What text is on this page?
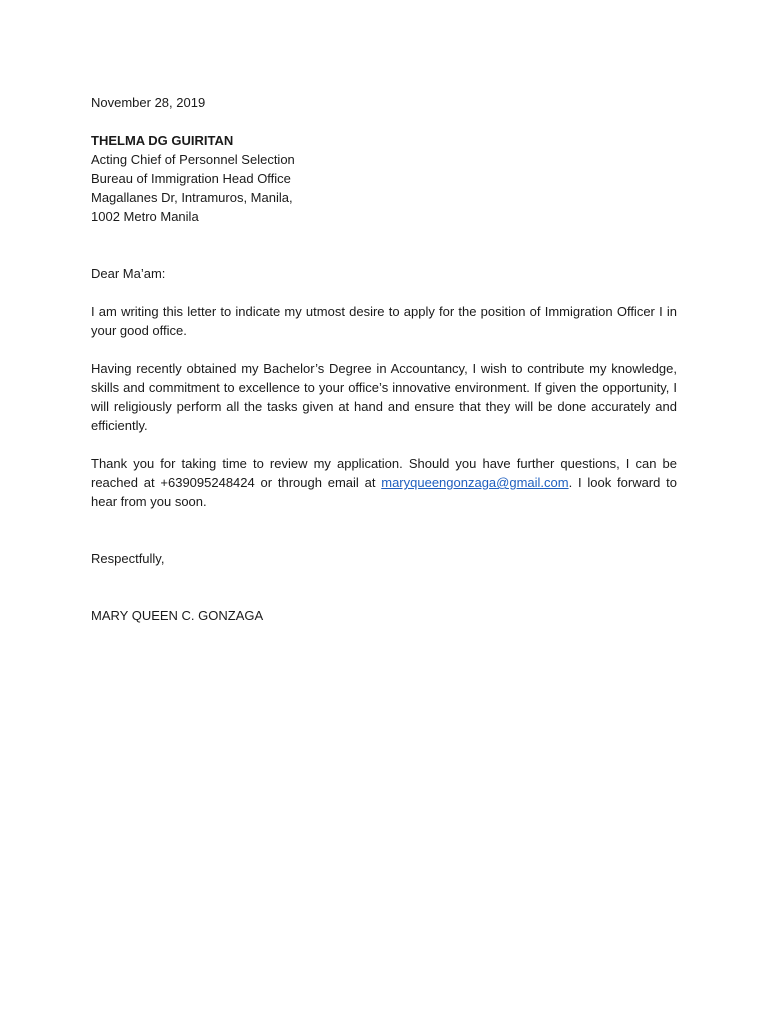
November 28, 2019
THELMA DG GUIRITAN
Acting Chief of Personnel Selection
Bureau of Immigration Head Office
Magallanes Dr, Intramuros, Manila,
1002 Metro Manila
Dear Ma’am:

I am writing this letter to indicate my utmost desire to apply for the position of Immigration Officer I in your good office.

Having recently obtained my Bachelor’s Degree in Accountancy, I wish to contribute my knowledge, skills and commitment to excellence to your office’s innovative environment. If given the opportunity, I will religiously perform all the tasks given at hand and ensure that they will be done accurately and efficiently.

Thank you for taking time to review my application. Should you have further questions, I can be reached at +639095248424 or through email at maryqueengonzaga@gmail.com. I look forward to hear from you soon.

Respectfully,
MARY QUEEN C. GONZAGA
